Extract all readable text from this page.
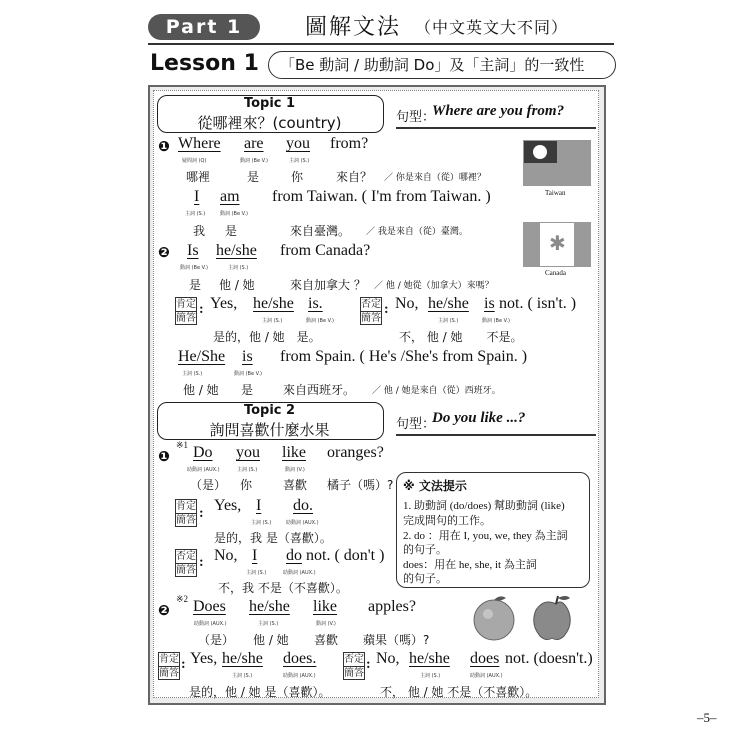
Part 1	圖解文法 （中文英文大不同）
Lesson 1 「Be 動詞 / 助動詞 Do」及「主詞」的一致性
Topic 1
從哪裡來？(country)	句型：
Where are you from?
❶ Where are you from?
疑問詞 (Q)	動詞 (Be V.)	主詞 (S.)
哪裡	是	你	來自？ ／ 你是來自（從）哪裡？
I am from Taiwan. ( I'm from Taiwan. )
主詞 (S.)	動詞 (Be V.)
我 是	來自臺灣。 ／ 我是來自（從）臺灣。
Taiwan
❷ Is he/she from Canada?
動詞 (Be V.)	主詞 (S.)
是 他 / 她	來自加拿大 ？ ／ 他 / 她從（加拿大）來嗎？
✱
Canada
肯定
簡答
: Yes, he/she is.
主詞 (S.)	動詞 (Be V.)
是的，他 / 她　是。
否定
簡答
: No, he/she is not. ( isn't. )
主詞 (S.)	動詞 (Be V.)
不， 他 / 她　　不是。
He/She is from Spain. ( He's /She's from Spain. )
主詞 (S.)	動詞 (Be V.)
他 / 她 是 來自西班牙。 ／ 他 / 她是來自（從）西班牙。
Topic 2
詢問喜歡什麼水果	句型：
Do you like ...?
❶
※1 Do you like oranges?
助動詞 (AUX.)	主詞 (S.)	動詞 (V.)
（是） 你	喜歡 橘子（嗎）?
肯定
簡答 : Yes, I do.
主詞 (S.)	助動詞 (AUX.)
是的，我 是（喜歡）。
否定
簡答
: No, I do not. ( don't )
主詞 (S.)	助動詞 (AUX.)
不，我 不是（不喜歡）。
※ 文法提示
1. 助動詞 (do/does) 幫助動詞 (like)
完成問句的工作。
2. do ：用在 I, you, we, they 為主詞
的句子。
does：用在 he, she, it 為主詞
的句子。
❷
※2 Does he/she like apples?
助動詞 (AUX.)	主詞 (S.)	動詞 (V.)
（是） 他 / 她 喜歡 蘋果（嗎）?
肯定
簡答
: Yes, he/she does.
主詞 (S.)	助動詞 (AUX.)
是的，他 / 她 是（喜歡）。
否定
簡答
: No, he/she does not. (doesn't.)
主詞 (S.)	助動詞 (AUX.)
不， 他 / 她 不是（不喜歡）。
–5–
